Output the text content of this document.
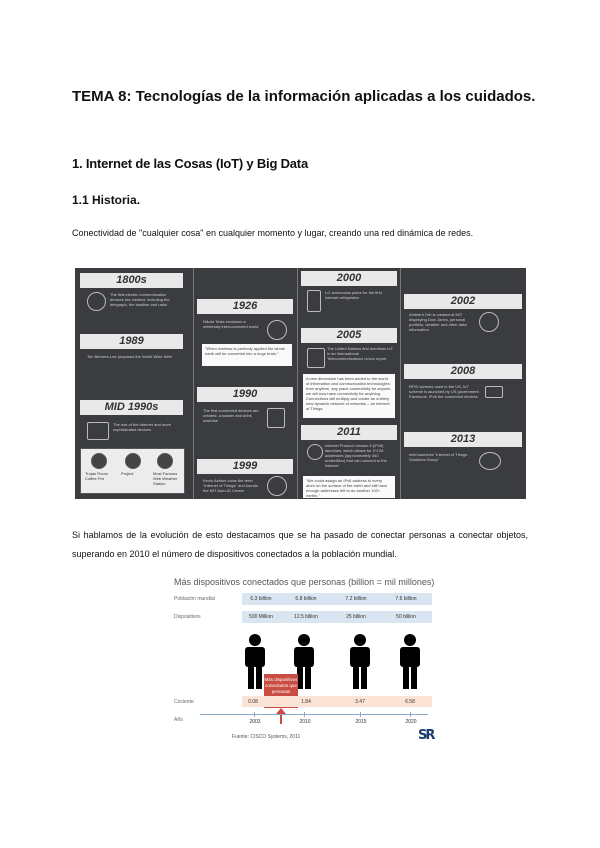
TEMA 8: Tecnologías de la información aplicadas a los cuidados.
1. Internet de las Cosas (IoT) y Big Data
1.1 Historia.
Conectividad de "cualquier cosa" en cualquier momento y lugar, creando una red dinámica de redes.
1800s
The first electric communication devices are created, including the telegraph, the landline and radio
1989
Tim Berners-Lee proposes the World Wide Web
MID 1990s
The rise of the internet and more sophisticated devices
Trojan Room Coffee Pot
Project	Most Famous Web Weather Station
1926
Nikola Tesla envisions a wirelessly interconnected world
"When wireless is perfectly applied the whole earth will be converted into a huge brain."
1990
The first connected devices are created: a toaster and drink machine
1999
Kevin Ashton coins the term "Internet of Things" and founds the MIT Auto-ID Center
2000
LG announces plans for the first internet refrigerator
2005
The United Nations first mentions IoT in an International Telecommunications Union report
A new dimension has been added to the world of information and communication technologies: from anytime, any place connectivity for anyone, we will now have connectivity for anything. Connections will multiply and create an entirely new dynamic network of networks – an Internet of Things.
2011
Internet Protocol version 6 (IPv6) launches, which allows for 2^128 addresses (approximately 340 undecillion) that can connect to the Internet
"We could assign an IPv6 address to every atom on the surface of the earth and still have enough addresses left to do another 100+ earths."
2002
Ambient Orb is created at MIT displaying Dow Jones, personal portfolio, weather and other data information
2008
RFID scheme used in the US, IoT scheme is launched by US government Facebook, IPv6 the connected devices
2013
Intel launches "Internet of Things Solutions Group"
Si hablamos de la evolución de esto destacamos que se ha pasado de conectar personas a conectar objetos, superando en 2010 el número de dispositivos conectados a la población mundial.
Más dispositivos conectados que personas (billion = mil millones)
Población mundial	6.3 billion	6.8 billion	7.2 billion	7.6 billion
Dispositivos	500 Million	12.5 billion	25 billion	50 billion
Más dispositivos conectados que personas
Cociente	0.08	1.84	3.47	6.58
Año	2003	2010	2015	2020
Fuente: CISCO Systems, 2011	SR
